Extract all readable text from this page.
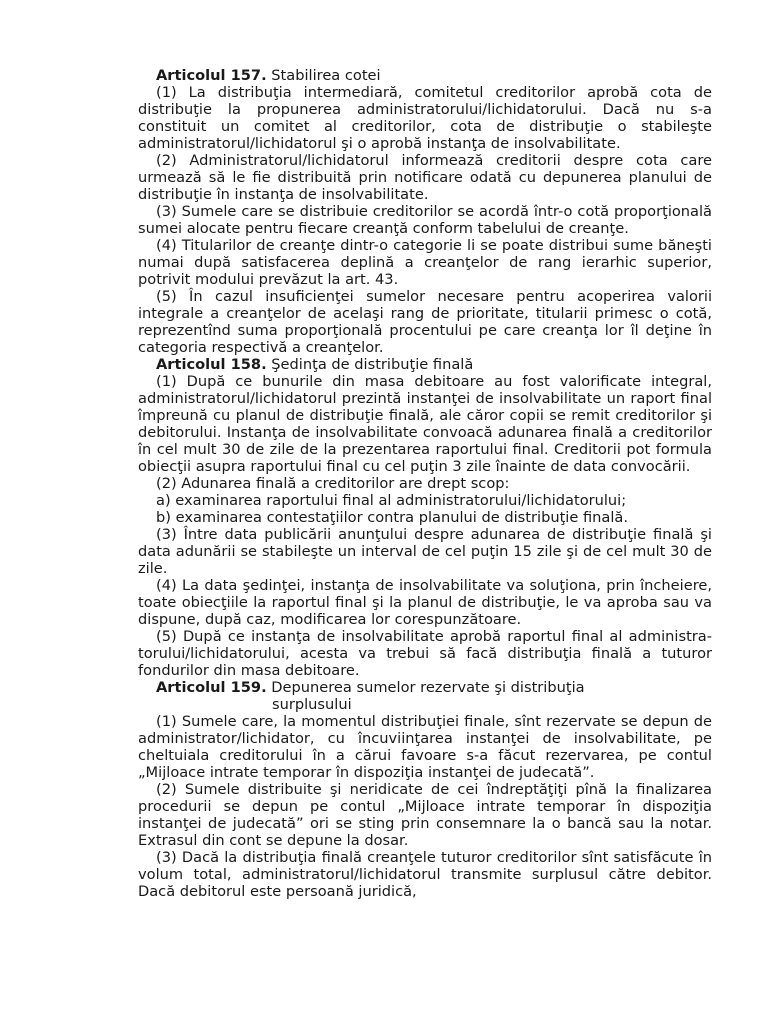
Articolul 157. Stabilirea cotei

(1) La distribuţia intermediară, comitetul creditorilor aprobă cota de distribuţie la propunerea administratorului/lichidatorului. Dacă nu s-a constituit un comitet al creditorilor, cota de distribuţie o stabileşte administratorul/lichidatorul şi o aprobă instanţa de insolvabilitate.

(2) Administratorul/lichidatorul informează creditorii despre cota care urmează să le fie distribuită prin notificare odată cu depunerea planului de distribuţie în instanţa de insolvabilitate.

(3) Sumele care se distribuie creditorilor se acordă într-o cotă proporţională sumei alocate pentru fiecare creanţă conform tabelului de creanţe.

(4) Titularilor de creanţe dintr-o categorie li se poate distribui sume băneşti numai după satisfacerea deplină a creanţelor de rang ierarhic superior, potrivit modului prevăzut la art. 43.

(5) În cazul insuficienţei sumelor necesare pentru acoperirea valorii integrale a creanţelor de acelaşi rang de prioritate, titularii primesc o cotă, reprezentînd suma proporţională procentului pe care creanţa lor îl deţine în categoria respectivă a creanţelor.

Articolul 158. Şedinţa de distribuţie finală

(1) După ce bunurile din masa debitoare au fost valorificate integral, administratorul/lichidatorul prezintă instanţei de insolvabilitate un raport final împreună cu planul de distribuţie finală, ale căror copii se remit creditorilor şi debitorului. Instanţa de insolvabilitate convoacă adunarea finală a creditorilor în cel mult 30 de zile de la prezentarea raportului final. Creditorii pot formula obiecţii asupra raportului final cu cel puţin 3 zile înainte de data convocării.

(2) Adunarea finală a creditorilor are drept scop:

a) examinarea raportului final al administratorului/lichidatorului;

b) examinarea contestaţiilor contra planului de distribuţie finală.

(3) Între data publicării anunţului despre adunarea de distribuţie finală şi data adunării se stabileşte un interval de cel puţin 15 zile şi de cel mult 30 de zile.

(4) La data şedinţei, instanţa de insolvabilitate va soluţiona, prin încheiere, toate obiecţiile la raportul final şi la planul de distribuţie, le va aproba sau va dispune, după caz, modificarea lor corespunzătoare.

(5) După ce instanţa de insolvabilitate aprobă raportul final al administra-torului/lichidatorului, acesta va trebui să facă distribuţia finală a tuturor fondurilor din masa debitoare.

Articolul 159. Depunerea sumelor rezervate şi distribuţia
surplusului

(1) Sumele care, la momentul distribuţiei finale, sînt rezervate se depun de administrator/lichidator, cu încuviinţarea instanţei de insolvabilitate, pe cheltuiala creditorului în a cărui favoare s-a făcut rezervarea, pe contul „Mijloace intrate temporar în dispoziţia instanţei de judecată”.

(2) Sumele distribuite şi neridicate de cei îndreptăţiţi pînă la finalizarea procedurii se depun pe contul „Mijloace intrate temporar în dispoziţia instanţei de judecată” ori se sting prin consemnare la o bancă sau la notar. Extrasul din cont se depune la dosar.

(3) Dacă la distribuţia finală creanţele tuturor creditorilor sînt satisfăcute în volum total, administratorul/lichidatorul transmite surplusul către debitor. Dacă debitorul este persoană juridică,
